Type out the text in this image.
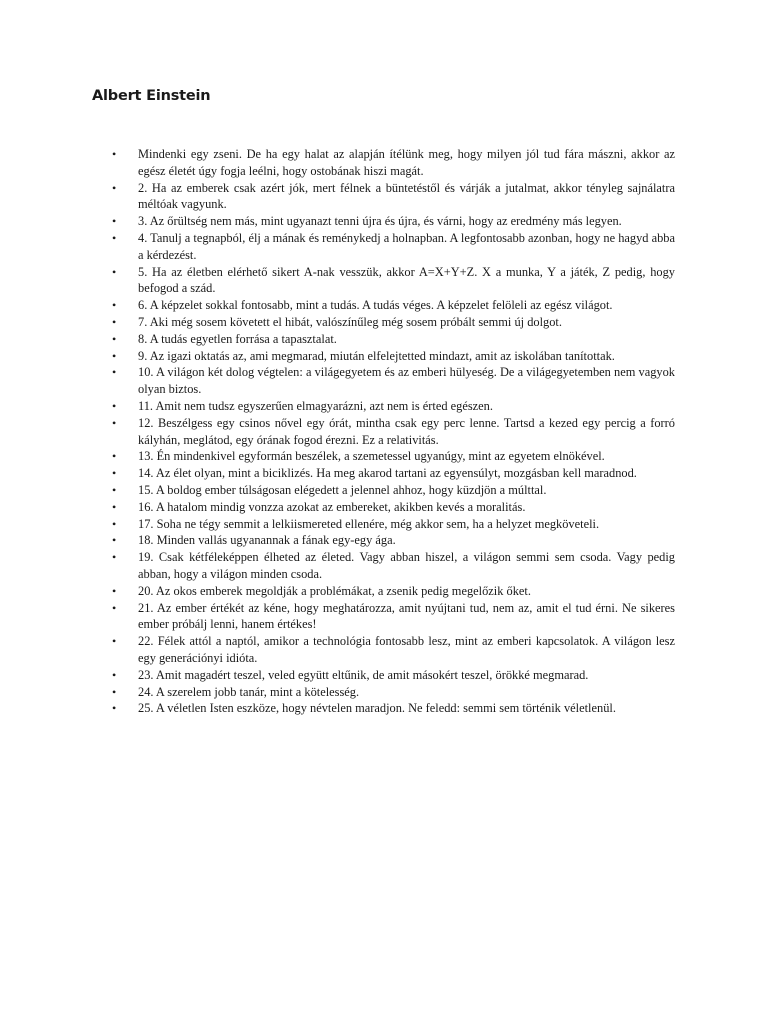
Albert Einstein
•	Mindenki egy zseni. De ha egy halat az alapján ítélünk meg, hogy milyen jól tud fára mászni, akkor az egész életét úgy fogja leélni, hogy ostobának hiszi magát.
•	2. Ha az emberek csak azért jók, mert félnek a büntetéstől és várják a jutalmat, akkor tényleg sajnálatra méltóak vagyunk.
•	3. Az őrültség nem más, mint ugyanazt tenni újra és újra, és várni, hogy az eredmény más legyen.
•	4. Tanulj a tegnapból, élj a mának és reménykedj a holnapban. A legfontosabb azonban, hogy ne hagyd abba a kérdezést.
•	5. Ha az életben elérhető sikert A-nak vesszük, akkor A=X+Y+Z. X a munka, Y a játék, Z pedig, hogy befogod a szád.
•	6. A képzelet sokkal fontosabb, mint a tudás. A tudás véges. A képzelet felöleli az egész világot.
•	7. Aki még sosem követett el hibát, valószínűleg még sosem próbált semmi új dolgot.
•	8. A tudás egyetlen forrása a tapasztalat.
•	9. Az igazi oktatás az, ami megmarad, miután elfelejtetted mindazt, amit az iskolában tanítottak.
•	10. A világon két dolog végtelen: a világegyetem és az emberi hülyeség. De a világegyetemben nem vagyok olyan biztos.
•	11. Amit nem tudsz egyszerűen elmagyarázni, azt nem is érted egészen.
•	12. Beszélgess egy csinos nővel egy órát, mintha csak egy perc lenne. Tartsd a kezed egy percig a forró kályhán, meglátod, egy órának fogod érezni. Ez a relativitás.
•	13. Én mindenkivel egyformán beszélek, a szemetessel ugyanúgy, mint az egyetem elnökével.
•	14. Az élet olyan, mint a biciklizés. Ha meg akarod tartani az egyensúlyt, mozgásban kell maradnod.
•	15. A boldog ember túlságosan elégedett a jelennel ahhoz, hogy küzdjön a múlttal.
•	16. A hatalom mindig vonzza azokat az embereket, akikben kevés a moralitás.
•	17. Soha ne tégy semmit a lelkiismereted ellenére, még akkor sem, ha a helyzet megköveteli.
•	18. Minden vallás ugyanannak a fának egy-egy ága.
•	19. Csak kétféleképpen élheted az életed. Vagy abban hiszel, a világon semmi sem csoda. Vagy pedig abban, hogy a világon minden csoda.
•	20. Az okos emberek megoldják a problémákat, a zsenik pedig megelőzik őket.
•	21. Az ember értékét az kéne, hogy meghatározza, amit nyújtani tud, nem az, amit el tud érni. Ne sikeres ember próbálj lenni, hanem értékes!
•	22. Félek attól a naptól, amikor a technológia fontosabb lesz, mint az emberi kapcsolatok. A világon lesz egy generációnyi idióta.
•	23. Amit magadért teszel, veled együtt eltűnik, de amit másokért teszel, örökké megmarad.
•	24. A szerelem jobb tanár, mint a kötelesség.
•	25. A véletlen Isten eszköze, hogy névtelen maradjon. Ne feledd: semmi sem történik véletlenül.
